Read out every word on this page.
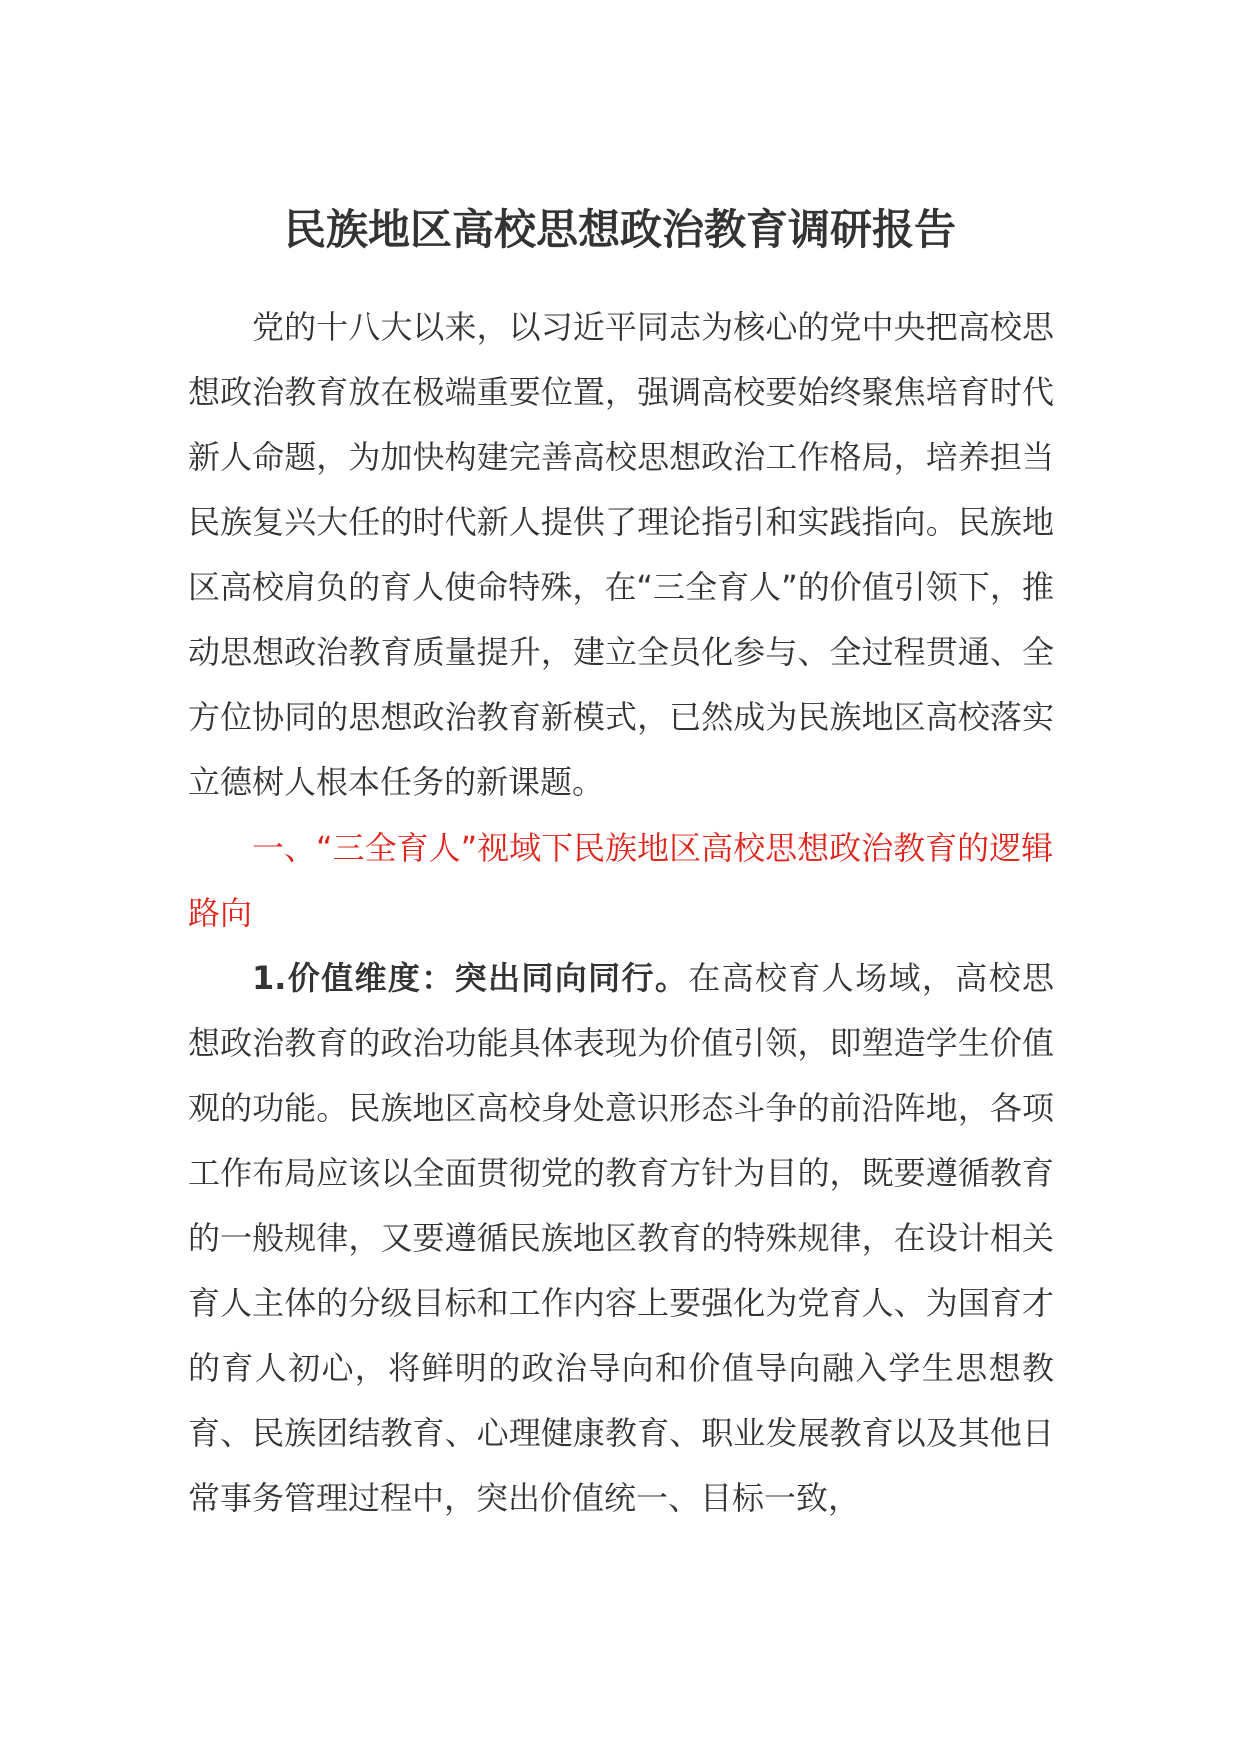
民族地区高校思想政治教育调研报告

党的十八大以来，以习近平同志为核心的党中央把高校思想政治教育放在极端重要位置，强调高校要始终聚焦培育时代新人命题，为加快构建完善高校思想政治工作格局，培养担当民族复兴大任的时代新人提供了理论指引和实践指向。民族地区高校肩负的育人使命特殊，在“三全育人”的价值引领下，推动思想政治教育质量提升，建立全员化参与、全过程贯通、全方位协同的思想政治教育新模式，已然成为民族地区高校落实立德树人根本任务的新课题。

一、“三全育人”视域下民族地区高校思想政治教育的逻辑路向

1.价值维度：突出同向同行。在高校育人场域，高校思想政治教育的政治功能具体表现为价值引领，即塑造学生价值观的功能。民族地区高校身处意识形态斗争的前沿阵地，各项工作布局应该以全面贯彻党的教育方针为目的，既要遵循教育的一般规律，又要遵循民族地区教育的特殊规律，在设计相关育人主体的分级目标和工作内容上要强化为党育人、为国育才的育人初心，将鲜明的政治导向和价值导向融入学生思想教育、民族团结教育、心理健康教育、职业发展教育以及其他日常事务管理过程中，突出价值统一、目标一致，
